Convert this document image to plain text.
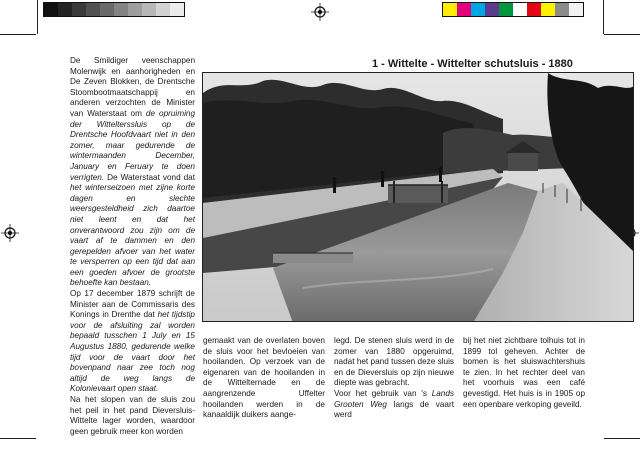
De Smildiger veenschappen Molenwijk en aanhorigheden en De Zeven Blokken, de Drentsche Stoombootmaatschappij en anderen verzochten de Minister van Waterstaat om de opruiming der Wittelterssluis op de Drentsche Hoofdvaart niet in den zomer, maar gedurende de wintermaanden December, January en Feruary te doen verrigten. De Waterstaat vond dat het winterseizoen met zijne korte dagen en slechte weersgesteldheid zich daartoe niet leent en dat het onverantwoord zou zijn om de vaart af te dammen en den gerepelden afvoer van het water te versperren op een tijd dat aan een goeden afvoer de grootste behoefte kan bestaan.

Op 17 december 1879 schrijft de Minister aan de Commissaris des Konings in Drenthe dat het tijdstip voor de afsluiting zal worden bepaald tusschen 1 July en 15 Augustus 1880, gedurende welke tijd voor de vaart door het bovenpand naar zee toch nog altijd de weg langs de Kolonievaart open staat.

Na het slopen van de sluis zou het peil in het pand Dieversluis-Wittelte lager worden, waardoor geen gebruik meer kon worden

1 - Wittelte - Wittelter schutsluis - 1880
gemaakt van de overlaten boven de sluis voor het bevloeien van hooilanden. Op verzoek van de eigenaren van de hooilanden in de Wittelternade en de aangrenzende Uffelter hooilanden werden in de kanaaldijk duikers aange-

legd. De stenen sluis werd in de zomer van 1880 opgeruimd, nadat het pand tussen deze sluis en de Dieversluis op zijn nieuwe diepte was gebracht.

Voor het gebruik van 's Lands Grooten Weg langs de vaart werd

bij het niet zichtbare tolhuis tot in 1899 tol geheven. Achter de bomen is het sluiswachtershuis te zien. In het rechter deel van het voorhuis was een café gevestigd. Het huis is in 1905 op een openbare verkoping geveild.
